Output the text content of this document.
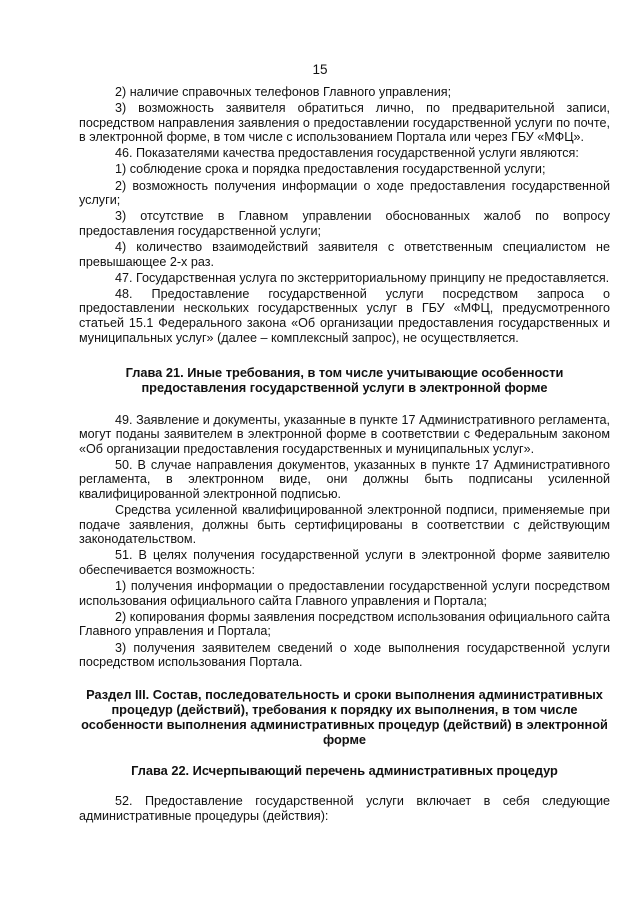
15

2) наличие справочных телефонов Главного управления;

3) возможность заявителя обратиться лично, по предварительной записи, посредством направления заявления о предоставлении государственной услуги по почте, в электронной форме, в том числе с использованием Портала или через ГБУ «МФЦ».

46. Показателями качества предоставления государственной услуги являются:

1) соблюдение срока и порядка предоставления государственной услуги;

2) возможность получения информации о ходе предоставления государственной услуги;

3) отсутствие в Главном управлении обоснованных жалоб по вопросу предоставления государственной услуги;

4) количество взаимодействий заявителя с ответственным специалистом не превышающее 2-х раз.

47. Государственная услуга по экстерриториальному принципу не предоставляется.

48. Предоставление государственной услуги посредством запроса о предоставлении нескольких государственных услуг в ГБУ «МФЦ, предусмотренного статьей 15.1 Федерального закона «Об организации предоставления государственных и муниципальных услуг» (далее – комплексный запрос), не осуществляется.

Глава 21. Иные требования, в том числе учитывающие особенности предоставления государственной услуги в электронной форме

49. Заявление и документы, указанные в пункте 17 Административного регламента, могут поданы заявителем в электронной форме в соответствии с Федеральным законом «Об организации предоставления государственных и муниципальных услуг».

50. В случае направления документов, указанных в пункте 17 Административного регламента, в электронном виде, они должны быть подписаны усиленной квалифицированной электронной подписью.

Средства усиленной квалифицированной электронной подписи, применяемые при подаче заявления, должны быть сертифицированы в соответствии с действующим законодательством.

51. В целях получения государственной услуги в электронной форме заявителю обеспечивается возможность:

1) получения информации о предоставлении государственной услуги посредством использования официального сайта Главного управления и Портала;

2) копирования формы заявления посредством использования официального сайта Главного управления и Портала;

3) получения заявителем сведений о ходе выполнения государственной услуги посредством использования Портала.

Раздел III. Состав, последовательность и сроки выполнения административных процедур (действий), требования к порядку их выполнения, в том числе особенности выполнения административных процедур (действий) в электронной форме

Глава 22. Исчерпывающий перечень административных процедур

52. Предоставление государственной услуги включает в себя следующие административные процедуры (действия):
